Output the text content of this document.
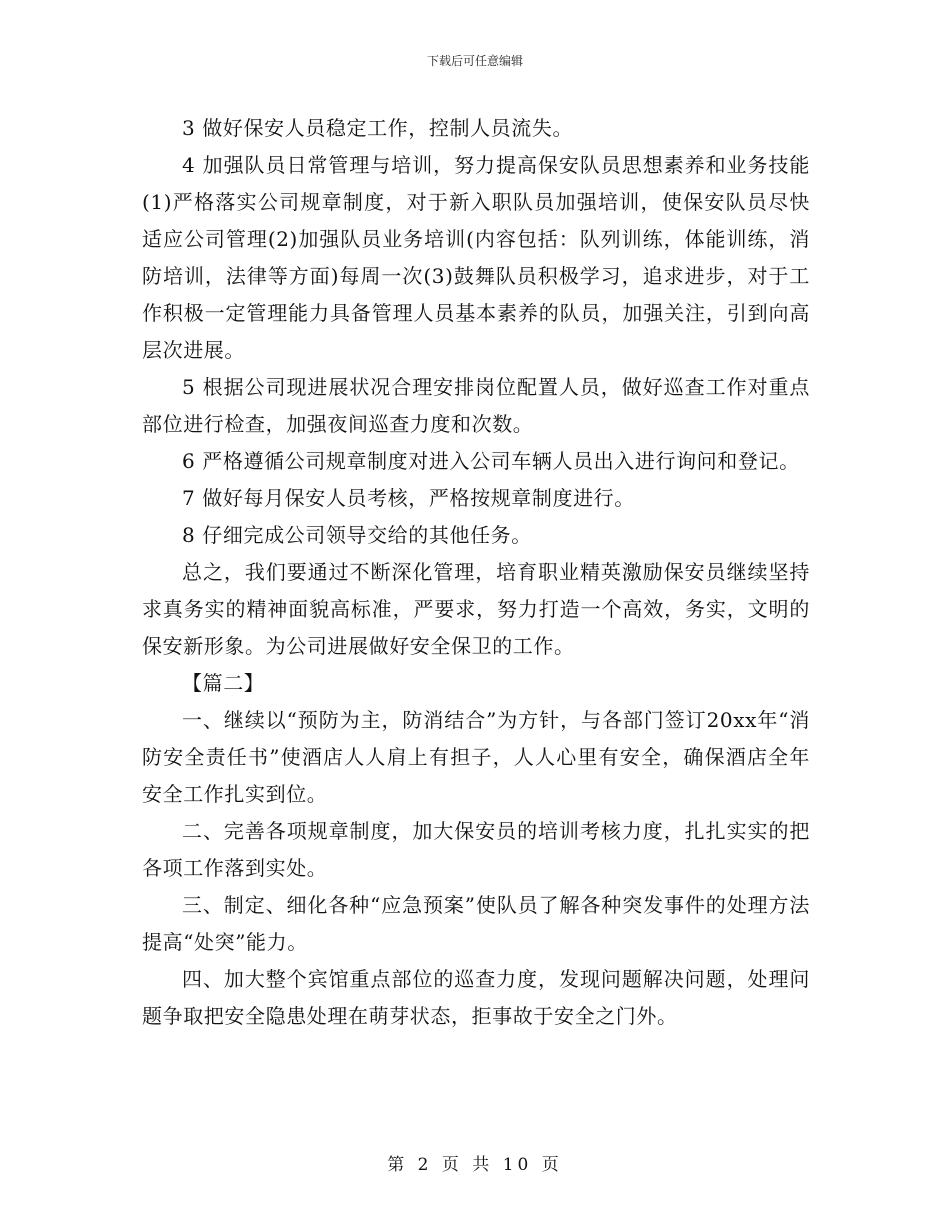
下载后可任意编辑

3 做好保安人员稳定工作，控制人员流失。

4 加强队员日常管理与培训，努力提高保安队员思想素养和业务技能(1)严格落实公司规章制度，对于新入职队员加强培训，使保安队员尽快适应公司管理(2)加强队员业务培训(内容包括：队列训练，体能训练，消防培训，法律等方面)每周一次(3)鼓舞队员积极学习，追求进步，对于工作积极一定管理能力具备管理人员基本素养的队员，加强关注，引到向高层次进展。

5 根据公司现进展状况合理安排岗位配置人员，做好巡查工作对重点部位进行检查，加强夜间巡查力度和次数。

6 严格遵循公司规章制度对进入公司车辆人员出入进行询问和登记。

7 做好每月保安人员考核，严格按规章制度进行。

8 仔细完成公司领导交给的其他任务。

总之，我们要通过不断深化管理，培育职业精英激励保安员继续坚持求真务实的精神面貌高标准，严要求，努力打造一个高效，务实，文明的保安新形象。为公司进展做好安全保卫的工作。

【篇二】

一、继续以“预防为主，防消结合”为方针，与各部门签订20xx年“消防安全责任书”使酒店人人肩上有担子，人人心里有安全，确保酒店全年安全工作扎实到位。

二、完善各项规章制度，加大保安员的培训考核力度，扎扎实实的把各项工作落到实处。

三、制定、细化各种“应急预案”使队员了解各种突发事件的处理方法提高“处突”能力。

四、加大整个宾馆重点部位的巡查力度，发现问题解决问题，处理问题争取把安全隐患处理在萌芽状态，拒事故于安全之门外。

第 2 页 共 10 页
